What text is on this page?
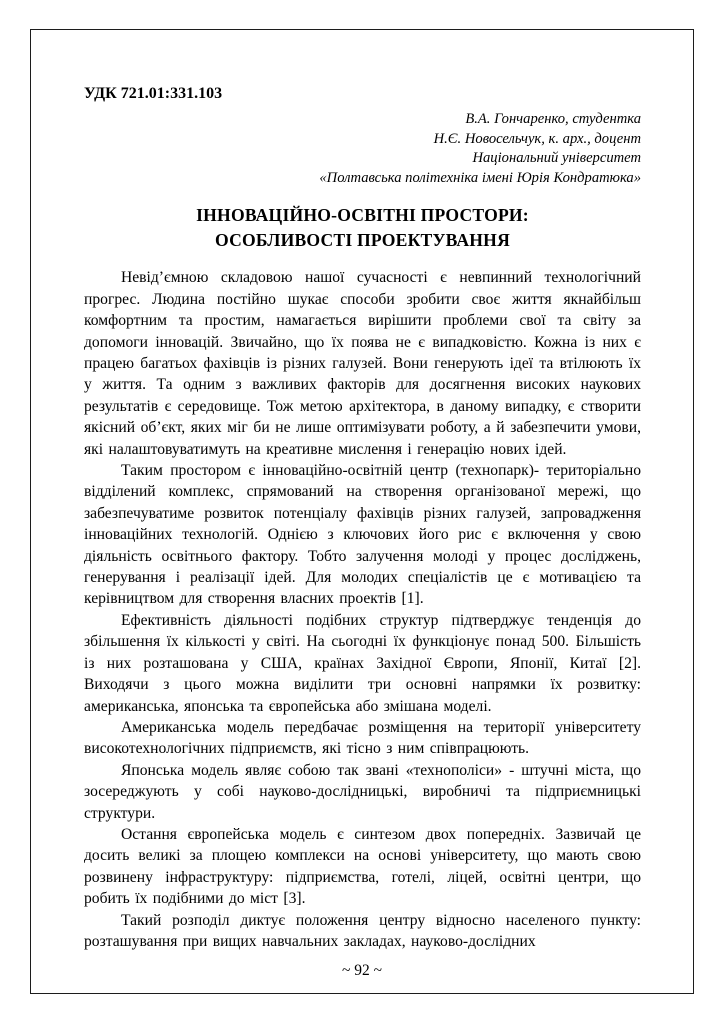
УДК 721.01:331.103
В.А. Гончаренко, студентка
Н.Є. Новосельчук, к. арх., доцент
Національний університет
«Полтавська політехніка імені Юрія Кондратюка»
ІННОВАЦІЙНО-ОСВІТНІ ПРОСТОРИ:
ОСОБЛИВОСТІ ПРОЕКТУВАННЯ

Невід’ємною складовою нашої сучасності є невпинний технологічний прогрес. Людина постійно шукає способи зробити своє життя якнайбільш комфортним та простим, намагається вирішити проблеми свої та світу за допомоги інновацій. Звичайно, що їх поява не є випадковістю. Кожна із них є працею багатьох фахівців із різних галузей. Вони генерують ідеї та втілюють їх у життя. Та одним з важливих факторів для досягнення високих наукових результатів є середовище. Тож метою архітектора, в даному випадку, є створити якісний об’єкт, яких міг би не лише оптимізувати роботу, а й забезпечити умови, які налаштовуватимуть на креативне мислення і генерацію нових ідей.

Таким простором є інноваційно-освітній центр (технопарк)- територіально відділений комплекс, спрямований на створення організованої мережі, що забезпечуватиме розвиток потенціалу фахівців різних галузей, запровадження інноваційних технологій. Однією з ключових його рис є включення у свою діяльність освітнього фактору. Тобто залучення молоді у процес досліджень, генерування і реалізації ідей. Для молодих спеціалістів це є мотивацією та керівництвом для створення власних проектів [1].

Ефективність діяльності подібних структур підтверджує тенденція до збільшення їх кількості у світі. На сьогодні їх функціонує понад 500. Більшість із них розташована у США, країнах Західної Європи, Японії, Китаї [2]. Виходячи з цього можна виділити три основні напрямки їх розвитку: американська, японська та європейська або змішана моделі.

Американська модель передбачає розміщення на території університету високотехнологічних підприємств, які тісно з ним співпрацюють.

Японська модель являє собою так звані «технополіси» - штучні міста, що зосереджують у собі науково-дослідницькі, виробничі та підприємницькі структури.

Остання європейська модель є синтезом двох попередніх. Зазвичай це досить великі за площею комплекси на основі університету, що мають свою розвинену інфраструктуру: підприємства, готелі, ліцей, освітні центри, що робить їх подібними до міст [3].

Такий розподіл диктує положення центру відносно населеного пункту: розташування при вищих навчальних закладах, науково-дослідних

~ 92 ~
